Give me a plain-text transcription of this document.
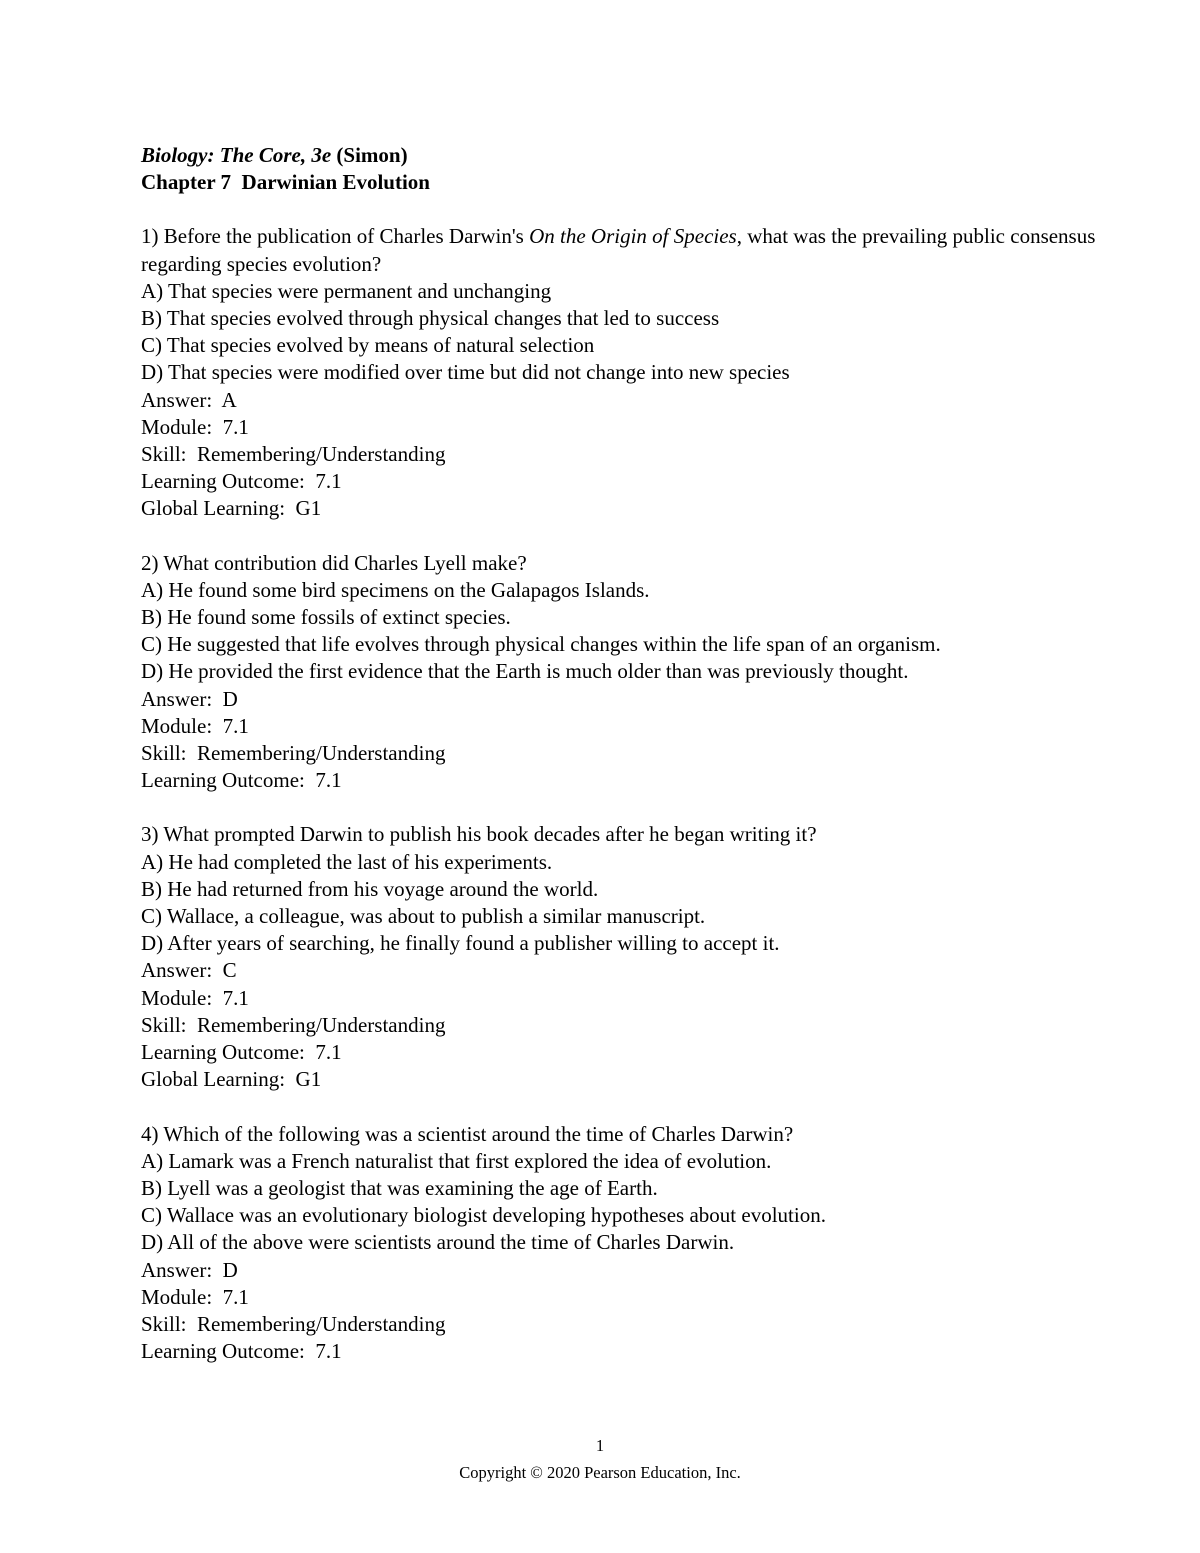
Biology: The Core, 3e (Simon)
Chapter 7  Darwinian Evolution
1) Before the publication of Charles Darwin's On the Origin of Species, what was the prevailing public consensus regarding species evolution?
A) That species were permanent and unchanging
B) That species evolved through physical changes that led to success
C) That species evolved by means of natural selection
D) That species were modified over time but did not change into new species
Answer:  A
Module:  7.1
Skill:  Remembering/Understanding
Learning Outcome:  7.1
Global Learning:  G1
2) What contribution did Charles Lyell make?
A) He found some bird specimens on the Galapagos Islands.
B) He found some fossils of extinct species.
C) He suggested that life evolves through physical changes within the life span of an organism.
D) He provided the first evidence that the Earth is much older than was previously thought.
Answer:  D
Module:  7.1
Skill:  Remembering/Understanding
Learning Outcome:  7.1
3) What prompted Darwin to publish his book decades after he began writing it?
A) He had completed the last of his experiments.
B) He had returned from his voyage around the world.
C) Wallace, a colleague, was about to publish a similar manuscript.
D) After years of searching, he finally found a publisher willing to accept it.
Answer:  C
Module:  7.1
Skill:  Remembering/Understanding
Learning Outcome:  7.1
Global Learning:  G1
4) Which of the following was a scientist around the time of Charles Darwin?
A) Lamark was a French naturalist that first explored the idea of evolution.
B) Lyell was a geologist that was examining the age of Earth.
C) Wallace was an evolutionary biologist developing hypotheses about evolution.
D) All of the above were scientists around the time of Charles Darwin.
Answer:  D
Module:  7.1
Skill:  Remembering/Understanding
Learning Outcome:  7.1
1
Copyright © 2020 Pearson Education, Inc.
